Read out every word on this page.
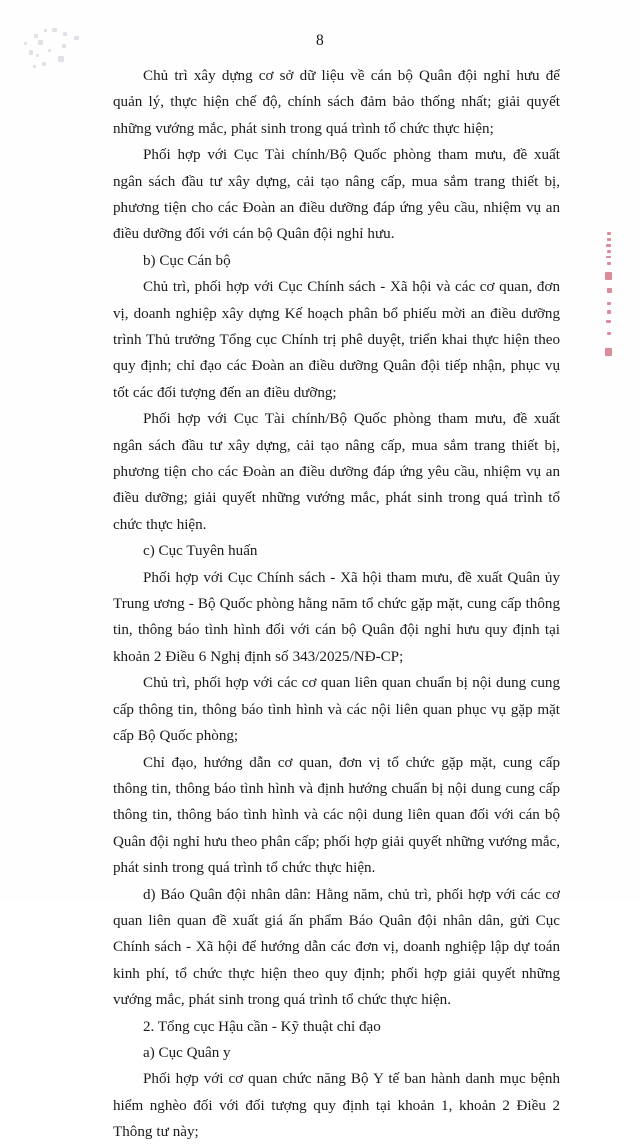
8

Chủ trì xây dựng cơ sở dữ liệu về cán bộ Quân đội nghỉ hưu để quản lý, thực hiện chế độ, chính sách đảm bảo thống nhất; giải quyết những vướng mắc, phát sinh trong quá trình tổ chức thực hiện;

Phối hợp với Cục Tài chính/Bộ Quốc phòng tham mưu, đề xuất ngân sách đầu tư xây dựng, cải tạo nâng cấp, mua sắm trang thiết bị, phương tiện cho các Đoàn an điều dưỡng đáp ứng yêu cầu, nhiệm vụ an điều dưỡng đối với cán bộ Quân đội nghỉ hưu.

b) Cục Cán bộ

Chủ trì, phối hợp với Cục Chính sách - Xã hội và các cơ quan, đơn vị, doanh nghiệp xây dựng Kế hoạch phân bổ phiếu mời an điều dưỡng trình Thủ trưởng Tổng cục Chính trị phê duyệt, triển khai thực hiện theo quy định; chỉ đạo các Đoàn an điều dưỡng Quân đội tiếp nhận, phục vụ tốt các đối tượng đến an điều dưỡng;

Phối hợp với Cục Tài chính/Bộ Quốc phòng tham mưu, đề xuất ngân sách đầu tư xây dựng, cải tạo nâng cấp, mua sắm trang thiết bị, phương tiện cho các Đoàn an điều dưỡng đáp ứng yêu cầu, nhiệm vụ an điều dưỡng; giải quyết những vướng mắc, phát sinh trong quá trình tổ chức thực hiện.

c) Cục Tuyên huấn

Phối hợp với Cục Chính sách - Xã hội tham mưu, đề xuất Quân ủy Trung ương - Bộ Quốc phòng hằng năm tổ chức gặp mặt, cung cấp thông tin, thông báo tình hình đối với cán bộ Quân đội nghỉ hưu quy định tại khoản 2 Điều 6 Nghị định số 343/2025/NĐ-CP;

Chủ trì, phối hợp với các cơ quan liên quan chuẩn bị nội dung cung cấp thông tin, thông báo tình hình và các nội liên quan phục vụ gặp mặt cấp Bộ Quốc phòng;

Chỉ đạo, hướng dẫn cơ quan, đơn vị tổ chức gặp mặt, cung cấp thông tin, thông báo tình hình và định hướng chuẩn bị nội dung cung cấp thông tin, thông báo tình hình và các nội dung liên quan đối với cán bộ Quân đội nghỉ hưu theo phân cấp; phối hợp giải quyết những vướng mắc, phát sinh trong quá trình tổ chức thực hiện.

d) Báo Quân đội nhân dân: Hằng năm, chủ trì, phối hợp với các cơ quan liên quan đề xuất giá ấn phẩm Báo Quân đội nhân dân, gửi Cục Chính sách - Xã hội để hướng dẫn các đơn vị, doanh nghiệp lập dự toán kinh phí, tổ chức thực hiện theo quy định; phối hợp giải quyết những vướng mắc, phát sinh trong quá trình tổ chức thực hiện.

2. Tổng cục Hậu cần - Kỹ thuật chỉ đạo

a) Cục Quân y

Phối hợp với cơ quan chức năng Bộ Y tế ban hành danh mục bệnh hiểm nghèo đối với đối tượng quy định tại khoản 1, khoản 2 Điều 2 Thông tư này;
